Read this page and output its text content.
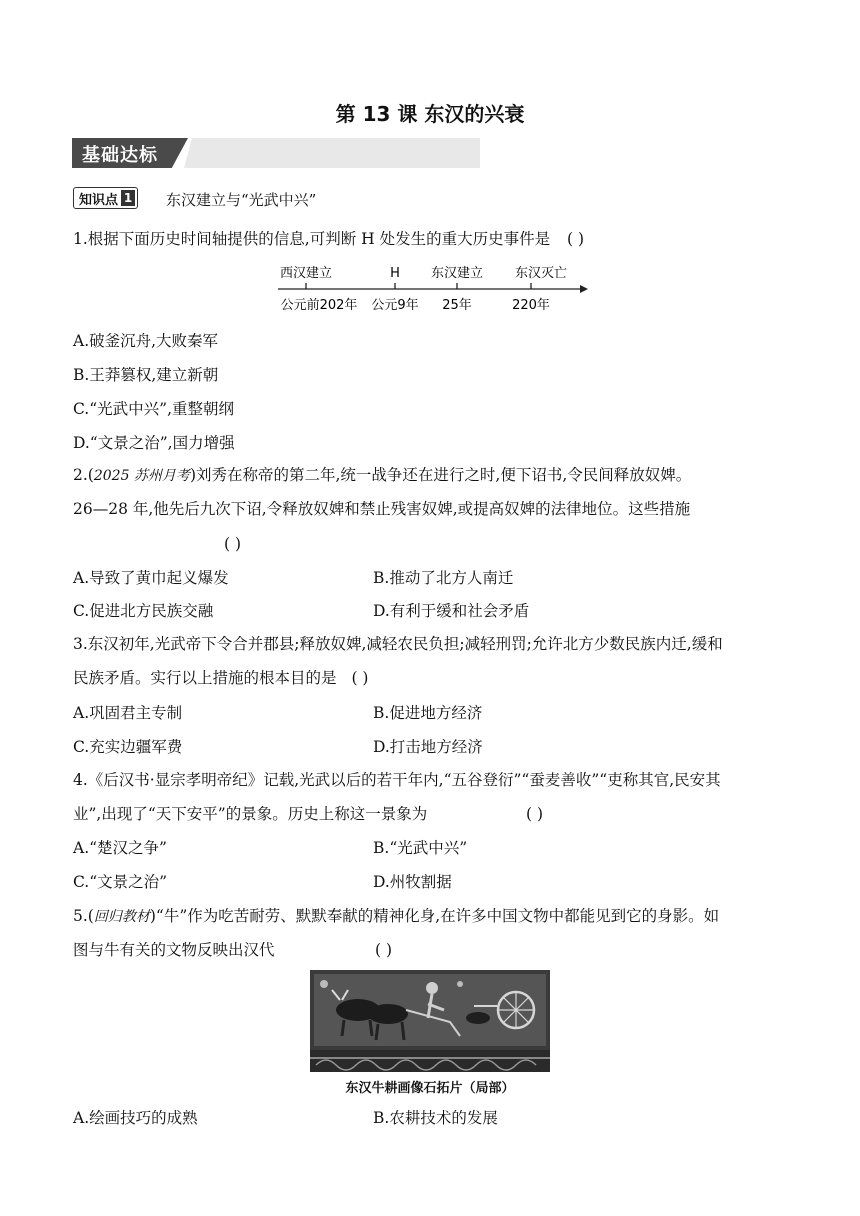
第 13 课 东汉的兴衰
基础达标
知识点 1 东汉建立与“光武中兴”
1.根据下面历史时间轴提供的信息,可判断 H 处发生的重大历史事件是 ( )
西汉建立	H 东汉建立 东汉灭亡
公元前202年 公元9年 25年	220年
A.破釜沉舟,大败秦军
B.王莽篡权,建立新朝
C.“光武中兴”,重整朝纲
D.“文景之治”,国力增强
2.(2025 苏州月考)刘秀在称帝的第二年,统一战争还在进行之时,便下诏书,令民间释放奴婢。
26—28 年,他先后九次下诏,令释放奴婢和禁止残害奴婢,或提高奴婢的法律地位。这些措施
( )
A.导致了黄巾起义爆发	B.推动了北方人南迁
C.促进北方民族交融	D.有利于缓和社会矛盾
3.东汉初年,光武帝下令合并郡县;释放奴婢,减轻农民负担;减轻刑罚;允许北方少数民族内迁,缓和
民族矛盾。实行以上措施的根本目的是 ( )
A.巩固君主专制	B.促进地方经济
C.充实边疆军费	D.打击地方经济
4.《后汉书·显宗孝明帝纪》记载,光武以后的若干年内,“五谷登衍”“蚕麦善收”“吏称其官,民安其
业”,出现了“天下安平”的景象。历史上称这一景象为	( )
A.“楚汉之争”	B.“光武中兴”
C.“文景之治”	D.州牧割据
5.(回归教材)“牛”作为吃苦耐劳、默默奉献的精神化身,在许多中国文物中都能见到它的身影。如
图与牛有关的文物反映出汉代	( )
东汉牛耕画像石拓片（局部）
A.绘画技巧的成熟	B.农耕技术的发展
